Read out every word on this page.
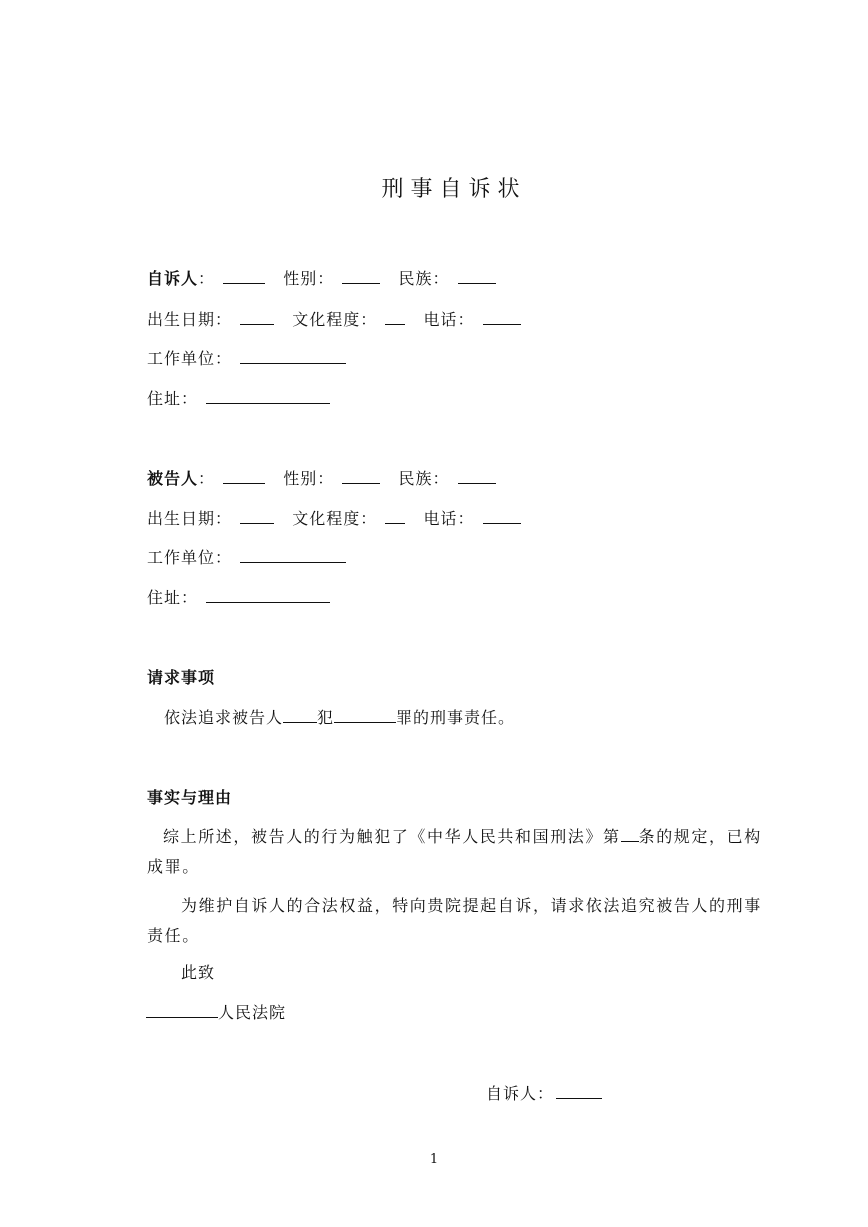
刑事自诉状
自诉人：	性别：	民族：
出生日期：	文化程度：	电话：
工作单位：
住址：
被告人：	性别：	民族：
出生日期：	文化程度：	电话：
工作单位：
住址：
请求事项
依法追求被告人 犯	罪的刑事责任。
事实与理由
综上所述，被告人的行为触犯了《中华人民共和国刑法》第 条的规定，已构成罪。
为维护自诉人的合法权益，特向贵院提起自诉，请求依法追究被告人的刑事责任。
此致
人民法院
自诉人：
1
